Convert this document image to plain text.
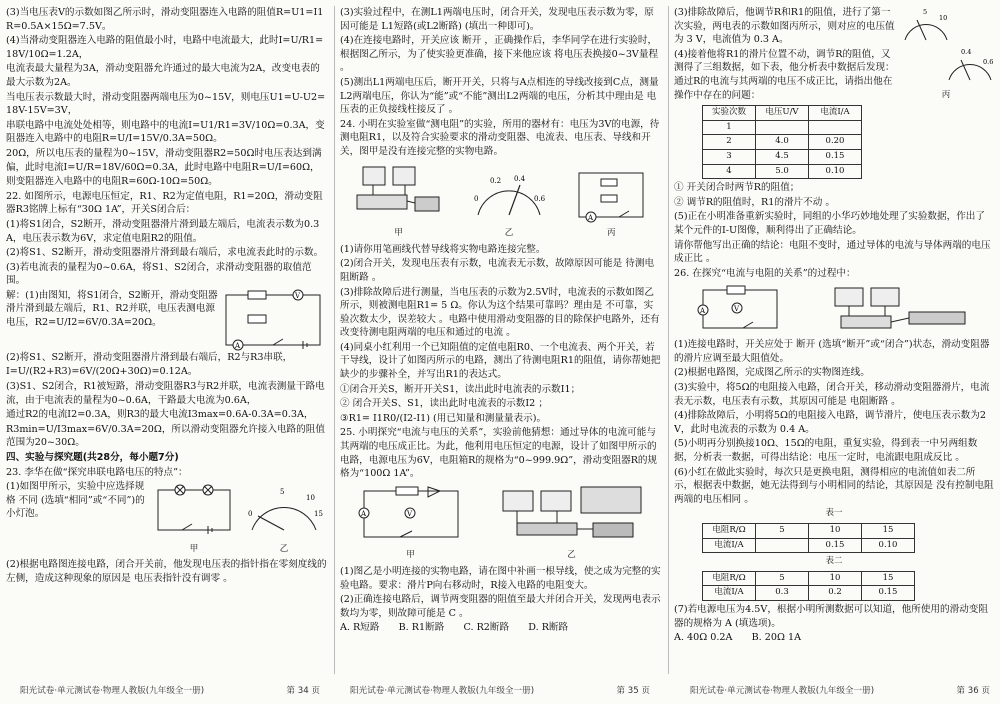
(3)当电压表V的示数如图乙所示时，滑动变阻器连入电路的阻值R=U1=I1R=0.5A×15Ω=7.5V。

(4)当滑动变阻器连入电路的阻值最小时，电路中电流最大，此时I=U/R1=18V/10Ω=1.2A，

电流表最大量程为3A，滑动变阻器允许通过的最大电流为2A，改变电表的最大示数为2A。

当电压表示数最大时，滑动变阻器两端电压为0~15V，则电压U1=U-U2=18V-15V=3V，

串联电路中电流处处相等，则电路中的电流I=U1/R1=3V/10Ω=0.3A，变阻器连入电路中的电阻R=U/I=15V/0.3A=50Ω。

20Ω，所以电压表的量程为0~15V，滑动变阻器R2=50Ω时电压表达到满偏，此时电流I=U/R=18V/60Ω=0.3A，此时电路中电阻R=U/I=60Ω，

则变阻器连入电路中的电阻R=60Ω-10Ω=50Ω。

22. 如图所示，电源电压恒定，R1、R2为定值电阻，R1=20Ω，滑动变阻器R3铭牌上标有“30Ω 1A”，开关S闭合后：

(1)将S1闭合，S2断开，滑动变阻器滑片滑到最左端后，电流表示数为0.3A，电压表示数为6V，求定值电阻R2的阻值。

(2)将S1、S2断开，滑动变阻器滑片滑到最右端后，求电流表此时的示数。

(3)若电流表的量程为0~0.6A，将S1、S2闭合，求滑动变阻器的取值范围。

解：(1)由图知，将S1闭合，S2断开，滑动变阻器滑片滑到最左端后，R1、R2并联，电压表测电源电压，R2=U/I2=6V/0.3A=20Ω。

V
A

(2)将S1、S2断开，滑动变阻器滑片滑到最右端后，R2与R3串联，

I=U/(R2+R3)=6V/(20Ω+30Ω)=0.12A。

(3)S1、S2闭合，R1被短路，滑动变阻器R3与R2并联，电流表测量干路电流，由于电流表的量程为0~0.6A，干路最大电流为0.6A，

通过R2的电流I2=0.3A，则R3的最大电流I3max=0.6A-0.3A=0.3A，

R3min=U/I3max=6V/0.3A=20Ω，所以滑动变阻器允许接入电路的阻值范围为20~30Ω。

四、实验与探究题(共28分，每小题7分)

23. 李华在做“探究串联电路电压的特点”：

(1)如图甲所示，实验中应选择规格 不同 (选填“相同”或“不同”)的小灯泡。

甲
5
10
15
0
乙

(2)根据电路图连接电路，闭合开关前，他发现电压表的指针指在零刻度线的左侧，造成这种现象的原因是 电压表指针没有调零 。

(3)实验过程中，在测L1两端电压时，闭合开关，发现电压表示数为零，原因可能是 L1短路(或L2断路) (填出一种即可)。

(4)在连接电路时，开关应该 断开 ，正确操作后，李华同学在进行实验时，根据图乙所示，为了使实验更准确，接下来他应该 将电压表换接0~3V量程 。

(5)测出L1两端电压后，断开开关，只将与A点相连的导线改接到C点，测量L2两端电压，你认为“能”或“不能”测出L2两端的电压，分析其中理由是 电压表的正负接线柱接反了 。

24. 小明在实验室做“测电阻”的实验，所用的器材有：电压为3V的电源，待测电阻R1，以及符合实验要求的滑动变阻器、电流表、电压表、导线和开关，图甲是没有连接完整的实物电路。

甲
0
0.2 0.4
0.6
乙
A
丙

(1)请你用笔画线代替导线将实物电路连接完整。

(2)闭合开关，发现电压表有示数，电流表无示数，故障原因可能是 待测电阻断路 。

(3)排除故障后进行测量，当电压表的示数为2.5V时，电流表的示数如图乙所示，则被测电阻R1= 5 Ω。你认为这个结果可靠吗？理由是 不可靠，实验次数太少，误差较大 。电路中使用滑动变阻器的目的除保护电路外，还有 改变待测电阻两端的电压和通过的电流 。

(4)同桌小红利用一个已知阻值的定值电阻R0、一个电流表、两个开关，若干导线，设计了如图丙所示的电路，测出了待测电阻R1的阻值，请你帮她把缺少的步骤补全，并写出R1的表达式。

①闭合开关S，断开开关S1，读出此时电流表的示数I1；

② 闭合开关S、S1，读出此时电流表的示数I2 ；

③R1= I1R0/(I2-I1) (用已知量和测量量表示)。

25. 小明探究“电流与电压的关系”，实验前他猜想：通过导体的电流可能与其两端的电压成正比。为此，他利用电压恒定的电源，设计了如图甲所示的电路，电源电压为6V，电阻箱R的规格为“0~999.9Ω”，滑动变阻器R的规格为“100Ω 1A”。

A	V
甲	乙

(1)图乙是小明连接的实物电路，请在图中补画一根导线，使之成为完整的实验电路。要求：滑片P向右移动时，R接入电路的电阻变大。

(2)正确连接电路后，调节两变阻器的阻值至最大并闭合开关，发现两电表示数均为零，则故障可能是 C 。

A. R短路　　B. R1断路　　C. R2断路　　D. R断路

(3)排除故障后，他调节R和R1的阻值，进行了第一次实验，两电表的示数如图丙所示，则对应的电压值为 3 V，电流值为 0.3 A。

(4)接着他将R1的滑片位置不动，调节R的阻值，又测得了三组数据，如下表，他分析表中数据后发现：通过R的电流与其两端的电压不成正比，请指出他在操作中存在的问题：

5
10
0.4
0.6
丙
实验次数	电压U/V	电流I/A
1		
2	4.0	0.20
3	4.5	0.15
4	5.0	0.10

① 开关闭合时两节R的阻值；

② 调节R的阻值时，R1的滑片不动 。

(5)正在小明准备重新实验时，同组的小华巧妙地处理了实验数据，作出了某个元件的I-U图像，顺利得出了正确结论。

请你帮他写出正确的结论：电阻不变时，通过导体的电流与导体两端的电压成正比 。

26. 在探究“电流与电阻的关系”的过程中：

V
A

(1)连接电路时，开关应处于 断开 (选填“断开”或“闭合”)状态，滑动变阻器的滑片应调至最大阻值处。

(2)根据电路图，完成图乙所示的实物图连线。

(3)实验中，将5Ω的电阻接入电路，闭合开关，移动滑动变阻器滑片，电流表无示数，电压表有示数，其原因可能是 电阻断路 。

(4)排除故障后，小明将5Ω的电阻接入电路，调节滑片，使电压表示数为2V，此时电流表的示数为 0.4 A。

(5)小明再分别换接10Ω、15Ω的电阻，重复实验，得到表一中另两组数据，分析表一数据，可得出结论：电压一定时，电流跟电阻成反比 。

(6)小红在做此实验时，每次只是更换电阻，测得相应的电流值如表二所示，根据表中数据，她无法得到与小明相同的结论，其原因是 没有控制电阻两端的电压相同 。

表一
电阻R/Ω	5	10	15
电流I/A		0.15	0.10
表二
电阻R/Ω	5	10	15
电流I/A	0.3	0.2	0.15

(7)若电源电压为4.5V，根据小明所测数据可以知道，他所使用的滑动变阻器的规格为 A (填选项)。

A. 40Ω 0.2A　　B. 20Ω 1A

阳光试卷·单元测试卷·物理人教版(九年级全一册)	第 34 页	阳光试卷·单元测试卷·物理人教版(九年级全一册)	第 35 页	阳光试卷·单元测试卷·物理人教版(九年级全一册)	第 36 页
